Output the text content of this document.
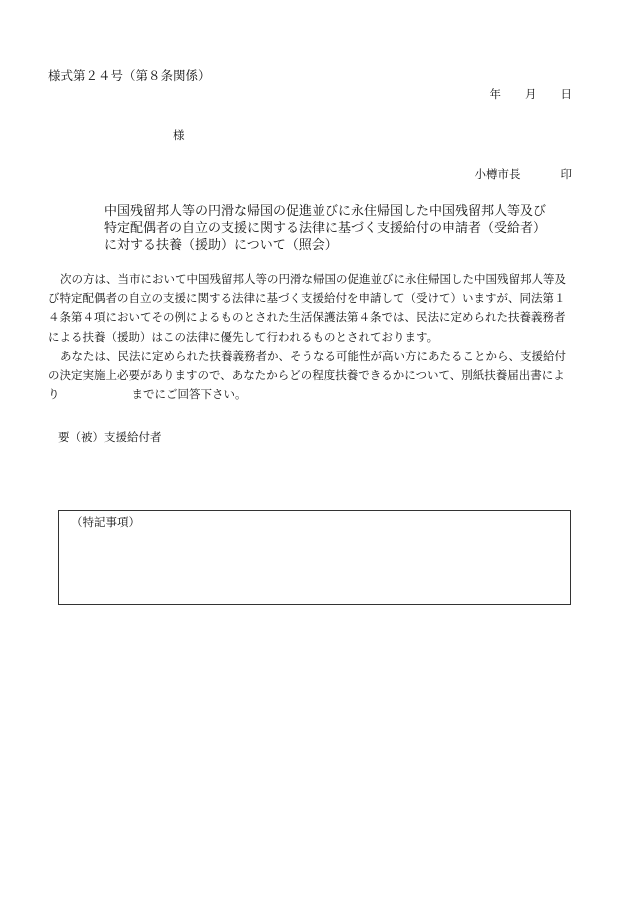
様式第２４号（第８条関係）
年 月 日
様
小樽市長	印
中国残留邦人等の円滑な帰国の促進並びに永住帰国した中国残留邦人等及び
特定配偶者の自立の支援に関する法律に基づく支援給付の申請者（受給者）
に対する扶養（援助）について（照会）
次の方は、当市において中国残留邦人等の円滑な帰国の促進並びに永住帰国した中国残留邦人等及
び特定配偶者の自立の支援に関する法律に基づく支援給付を申請して（受けて）いますが、同法第１
４条第４項においてその例によるものとされた生活保護法第４条では、民法に定められた扶養義務者
による扶養（援助）はこの法律に優先して行われるものとされております。
あなたは、民法に定められた扶養義務者か、そうなる可能性が高い方にあたることから、支援給付
の決定実施上必要がありますので、あなたからどの程度扶養できるかについて、別紙扶養届出書によ
り	までにご回答下さい。
要（被）支援給付者
（特記事項）
